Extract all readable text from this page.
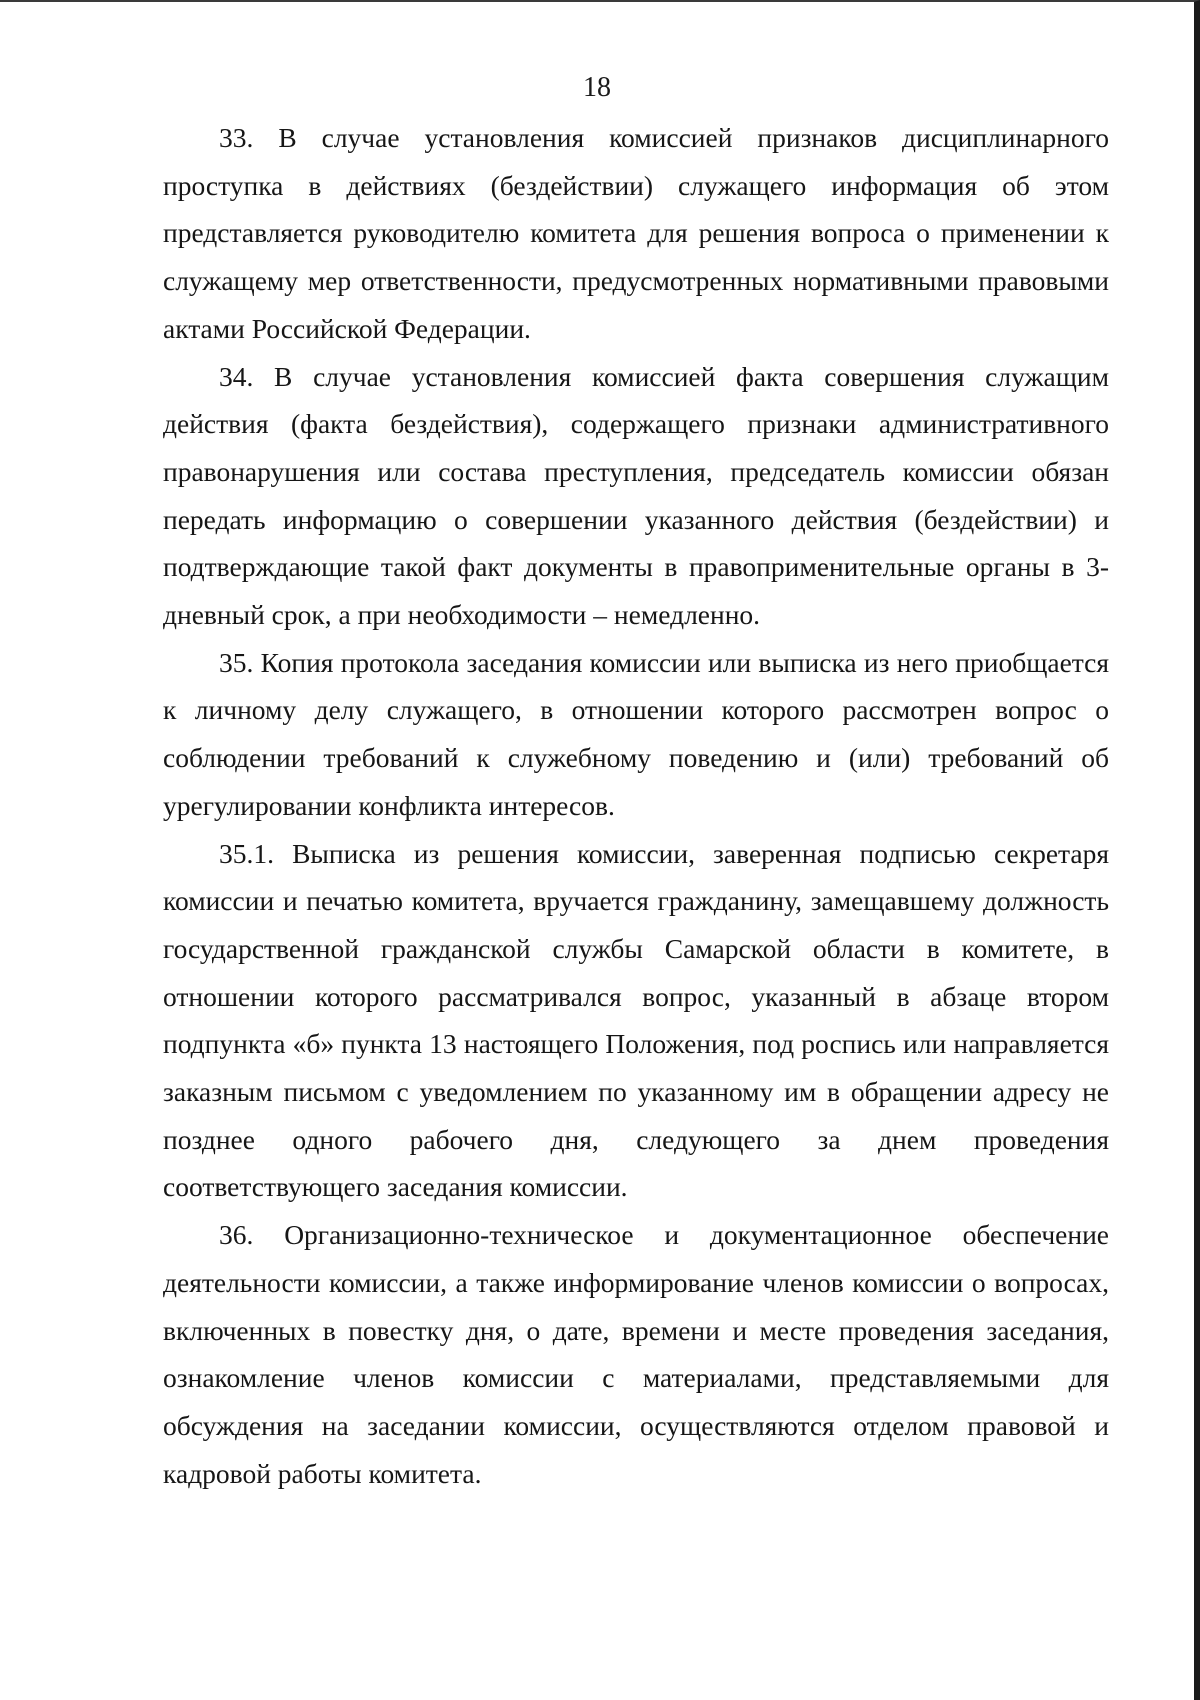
18

33. В случае установления комиссией признаков дисциплинарного проступка в действиях (бездействии) служащего информация об этом представляется руководителю комитета для решения вопроса о применении к служащему мер ответственности, предусмотренных нормативными правовыми актами Российской Федерации.

34. В случае установления комиссией факта совершения служащим действия (факта бездействия), содержащего признаки административного правонарушения или состава преступления, председатель комиссии обязан передать информацию о совершении указанного действия (бездействии) и подтверждающие такой факт документы в правоприменительные органы в 3-дневный срок, а при необходимости – немедленно.

35. Копия протокола заседания комиссии или выписка из него приобщается к личному делу служащего, в отношении которого рассмотрен вопрос о соблюдении требований к служебному поведению и (или) требований об урегулировании конфликта интересов.

35.1. Выписка из решения комиссии, заверенная подписью секретаря комиссии и печатью комитета, вручается гражданину, замещавшему должность государственной гражданской службы Самарской области в комитете, в отношении которого рассматривался вопрос, указанный в абзаце втором подпункта «б» пункта 13 настоящего Положения, под роспись или направляется заказным письмом с уведомлением по указанному им в обращении адресу не позднее одного рабочего дня, следующего за днем проведения соответствующего заседания комиссии.

36. Организационно-техническое и документационное обеспечение деятельности комиссии, а также информирование членов комиссии о вопросах, включенных в повестку дня, о дате, времени и месте проведения заседания, ознакомление членов комиссии с материалами, представляемыми для обсуждения на заседании комиссии, осуществляются отделом правовой и кадровой работы комитета.
